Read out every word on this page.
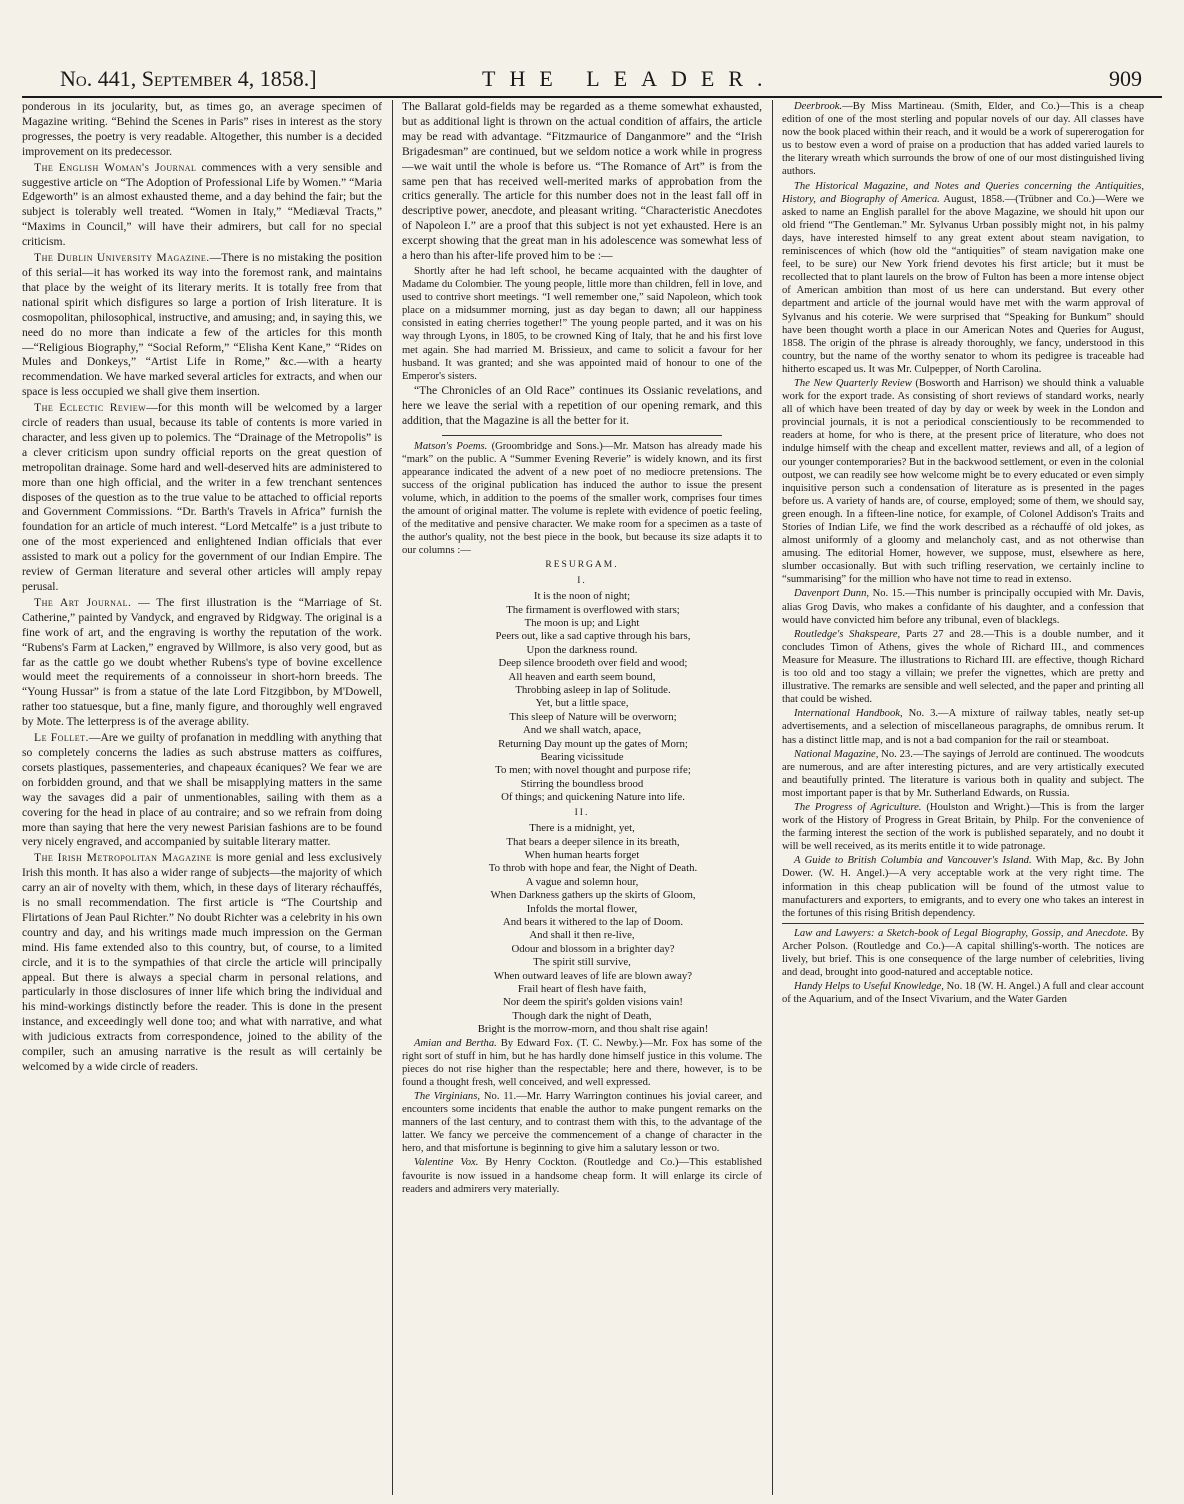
No. 441, September 4, 1858.]	THE LEADER.	909

ponderous in its jocularity, but, as times go, an average specimen of Magazine writing. “Behind the Scenes in Paris” rises in interest as the story progresses, the poetry is very readable. Altogether, this number is a decided improvement on its predecessor.

The English Woman's Journal commences with a very sensible and suggestive article on “The Adoption of Professional Life by Women.” “Maria Edgeworth” is an almost exhausted theme, and a day behind the fair; but the subject is tolerably well treated. “Women in Italy,” “Mediæval Tracts,” “Maxims in Council,” will have their admirers, but call for no special criticism.

The Dublin University Magazine.—There is no mistaking the position of this serial—it has worked its way into the foremost rank, and maintains that place by the weight of its literary merits. It is totally free from that national spirit which disfigures so large a portion of Irish literature. It is cosmopolitan, philosophical, instructive, and amusing; and, in saying this, we need do no more than indicate a few of the articles for this month—“Religious Biography,” “Social Reform,” “Elisha Kent Kane,” “Rides on Mules and Donkeys,” “Artist Life in Rome,” &c.—with a hearty recommendation. We have marked several articles for extracts, and when our space is less occupied we shall give them insertion.

The Eclectic Review—for this month will be welcomed by a larger circle of readers than usual, because its table of contents is more varied in character, and less given up to polemics. The “Drainage of the Metropolis” is a clever criticism upon sundry official reports on the great question of metropolitan drainage. Some hard and well-deserved hits are administered to more than one high official, and the writer in a few trenchant sentences disposes of the question as to the true value to be attached to official reports and Government Commissions. “Dr. Barth's Travels in Africa” furnish the foundation for an article of much interest. “Lord Metcalfe” is a just tribute to one of the most experienced and enlightened Indian officials that ever assisted to mark out a policy for the government of our Indian Empire. The review of German literature and several other articles will amply repay perusal.

The Art Journal. — The first illustration is the “Marriage of St. Catherine,” painted by Vandyck, and engraved by Ridgway. The original is a fine work of art, and the engraving is worthy the reputation of the work. “Rubens's Farm at Lacken,” engraved by Willmore, is also very good, but as far as the cattle go we doubt whether Rubens's type of bovine excellence would meet the requirements of a connoisseur in short-horn breeds. The “Young Hussar” is from a statue of the late Lord Fitzgibbon, by M'Dowell, rather too statuesque, but a fine, manly figure, and thoroughly well engraved by Mote. The letterpress is of the average ability.

Le Follet.—Are we guilty of profanation in meddling with anything that so completely concerns the ladies as such abstruse matters as coiffures, corsets plastiques, passementeries, and chapeaux écaniques? We fear we are on forbidden ground, and that we shall be misapplying matters in the same way the savages did a pair of unmentionables, sailing with them as a covering for the head in place of au contraire; and so we refrain from doing more than saying that here the very newest Parisian fashions are to be found very nicely engraved, and accompanied by suitable literary matter.

The Irish Metropolitan Magazine is more genial and less exclusively Irish this month. It has also a wider range of subjects—the majority of which carry an air of novelty with them, which, in these days of literary réchauffés, is no small recommendation. The first article is “The Courtship and Flirtations of Jean Paul Richter.” No doubt Richter was a celebrity in his own country and day, and his writings made much impression on the German mind. His fame extended also to this country, but, of course, to a limited circle, and it is to the sympathies of that circle the article will principally appeal. But there is always a special charm in personal relations, and particularly in those disclosures of inner life which bring the individual and his mind-workings distinctly before the reader. This is done in the present instance, and exceedingly well done too; and what with narrative, and what with judicious extracts from correspondence, joined to the ability of the compiler, such an amusing narrative is the result as will certainly be welcomed by a wide circle of readers.

The Ballarat gold-fields may be regarded as a theme somewhat exhausted, but as additional light is thrown on the actual condition of affairs, the article may be read with advantage. “Fitzmaurice of Danganmore” and the “Irish Brigadesman” are continued, but we seldom notice a work while in progress—we wait until the whole is before us. “The Romance of Art” is from the same pen that has received well-merited marks of approbation from the critics generally. The article for this number does not in the least fall off in descriptive power, anecdote, and pleasant writing. “Characteristic Anecdotes of Napoleon I.” are a proof that this subject is not yet exhausted. Here is an excerpt showing that the great man in his adolescence was somewhat less of a hero than his after-life proved him to be :—

Shortly after he had left school, he became acquainted with the daughter of Madame du Colombier. The young people, little more than children, fell in love, and used to contrive short meetings. “I well remember one,” said Napoleon, which took place on a midsummer morning, just as day began to dawn; all our happiness consisted in eating cherries together!” The young people parted, and it was on his way through Lyons, in 1805, to be crowned King of Italy, that he and his first love met again. She had married M. Brissieux, and came to solicit a favour for her husband. It was granted; and she was appointed maid of honour to one of the Emperor's sisters.

“The Chronicles of an Old Race” continues its Ossianic revelations, and here we leave the serial with a repetition of our opening remark, and this addition, that the Magazine is all the better for it.

Matson's Poems. (Groombridge and Sons.)—Mr. Matson has already made his “mark” on the public. A “Summer Evening Reverie” is widely known, and its first appearance indicated the advent of a new poet of no mediocre pretensions. The success of the original publication has induced the author to issue the present volume, which, in addition to the poems of the smaller work, comprises four times the amount of original matter. The volume is replete with evidence of poetic feeling, of the meditative and pensive character. We make room for a specimen as a taste of the author's quality, not the best piece in the book, but because its size adapts it to our columns :—

RESURGAM.
I.
It is the noon of night;
The firmament is overflowed with stars;
The moon is up; and Light
Peers out, like a sad captive through his bars,
Upon the darkness round.
Deep silence broodeth over field and wood;
All heaven and earth seem bound,
Throbbing asleep in lap of Solitude.
Yet, but a little space,
This sleep of Nature will be overworn;
And we shall watch, apace,
Returning Day mount up the gates of Morn;
Bearing vicissitude
To men; with novel thought and purpose rife;
Stirring the boundless brood
Of things; and quickening Nature into life.
II.
There is a midnight, yet,
That bears a deeper silence in its breath,
When human hearts forget
To throb with hope and fear, the Night of Death.
A vague and solemn hour,
When Darkness gathers up the skirts of Gloom,
Infolds the mortal flower,
And bears it withered to the lap of Doom.
And shall it then re-live,
Odour and blossom in a brighter day?
The spirit still survive,
When outward leaves of life are blown away?
Frail heart of flesh have faith,
Nor deem the spirit's golden visions vain!
Though dark the night of Death,
Bright is the morrow-morn, and thou shalt rise again!

Amian and Bertha. By Edward Fox. (T. C. Newby.)—Mr. Fox has some of the right sort of stuff in him, but he has hardly done himself justice in this volume. The pieces do not rise higher than the respectable; here and there, however, is to be found a thought fresh, well conceived, and well expressed.

The Virginians, No. 11.—Mr. Harry Warrington continues his jovial career, and encounters some incidents that enable the author to make pungent remarks on the manners of the last century, and to contrast them with this, to the advantage of the latter. We fancy we perceive the commencement of a change of character in the hero, and that misfortune is beginning to give him a salutary lesson or two.

Valentine Vox. By Henry Cockton. (Routledge and Co.)—This established favourite is now issued in a handsome cheap form. It will enlarge its circle of readers and admirers very materially.

Deerbrook.—By Miss Martineau. (Smith, Elder, and Co.)—This is a cheap edition of one of the most sterling and popular novels of our day. All classes have now the book placed within their reach, and it would be a work of supererogation for us to bestow even a word of praise on a production that has added varied laurels to the literary wreath which surrounds the brow of one of our most distinguished living authors.

The Historical Magazine, and Notes and Queries concerning the Antiquities, History, and Biography of America. August, 1858.—(Trübner and Co.)—Were we asked to name an English parallel for the above Magazine, we should hit upon our old friend “The Gentleman.” Mr. Sylvanus Urban possibly might not, in his palmy days, have interested himself to any great extent about steam navigation, to reminiscences of which (how old the “antiquities” of steam navigation make one feel, to be sure) our New York friend devotes his first article; but it must be recollected that to plant laurels on the brow of Fulton has been a more intense object of American ambition than most of us here can understand. But every other department and article of the journal would have met with the warm approval of Sylvanus and his coterie. We were surprised that “Speaking for Bunkum” should have been thought worth a place in our American Notes and Queries for August, 1858. The origin of the phrase is already thoroughly, we fancy, understood in this country, but the name of the worthy senator to whom its pedigree is traceable had hitherto escaped us. It was Mr. Culpepper, of North Carolina.

The New Quarterly Review (Bosworth and Harrison) we should think a valuable work for the export trade. As consisting of short reviews of standard works, nearly all of which have been treated of day by day or week by week in the London and provincial journals, it is not a periodical conscientiously to be recommended to readers at home, for who is there, at the present price of literature, who does not indulge himself with the cheap and excellent matter, reviews and all, of a legion of our younger contemporaries? But in the backwood settlement, or even in the colonial outpost, we can readily see how welcome might be to every educated or even simply inquisitive person such a condensation of literature as is presented in the pages before us. A variety of hands are, of course, employed; some of them, we should say, green enough. In a fifteen-line notice, for example, of Colonel Addison's Traits and Stories of Indian Life, we find the work described as a réchauffé of old jokes, as almost uniformly of a gloomy and melancholy cast, and as not otherwise than amusing. The editorial Homer, however, we suppose, must, elsewhere as here, slumber occasionally. But with such trifling reservation, we certainly incline to “summarising” for the million who have not time to read in extenso.

Davenport Dunn, No. 15.—This number is principally occupied with Mr. Davis, alias Grog Davis, who makes a confidante of his daughter, and a confession that would have convicted him before any tribunal, even of blacklegs.

Routledge's Shakspeare, Parts 27 and 28.—This is a double number, and it concludes Timon of Athens, gives the whole of Richard III., and commences Measure for Measure. The illustrations to Richard III. are effective, though Richard is too old and too stagy a villain; we prefer the vignettes, which are pretty and illustrative. The remarks are sensible and well selected, and the paper and printing all that could be wished.

International Handbook, No. 3.—A mixture of railway tables, neatly set-up advertisements, and a selection of miscellaneous paragraphs, de omnibus rerum. It has a distinct little map, and is not a bad companion for the rail or steamboat.

National Magazine, No. 23.—The sayings of Jerrold are continued. The woodcuts are numerous, and are after interesting pictures, and are very artistically executed and beautifully printed. The literature is various both in quality and subject. The most important paper is that by Mr. Sutherland Edwards, on Russia.

The Progress of Agriculture. (Houlston and Wright.)—This is from the larger work of the History of Progress in Great Britain, by Philp. For the convenience of the farming interest the section of the work is published separately, and no doubt it will be well received, as its merits entitle it to wide patronage.

A Guide to British Columbia and Vancouver's Island. With Map, &c. By John Dower. (W. H. Angel.)—A very acceptable work at the very right time. The information in this cheap publication will be found of the utmost value to manufacturers and exporters, to emigrants, and to every one who takes an interest in the fortunes of this rising British dependency.

Law and Lawyers: a Sketch-book of Legal Biography, Gossip, and Anecdote. By Archer Polson. (Routledge and Co.)—A capital shilling's-worth. The notices are lively, but brief. This is one consequence of the large number of celebrities, living and dead, brought into good-natured and acceptable notice.

Handy Helps to Useful Knowledge, No. 18 (W. H. Angel.) A full and clear account of the Aquarium, and of the Insect Vivarium, and the Water Garden
